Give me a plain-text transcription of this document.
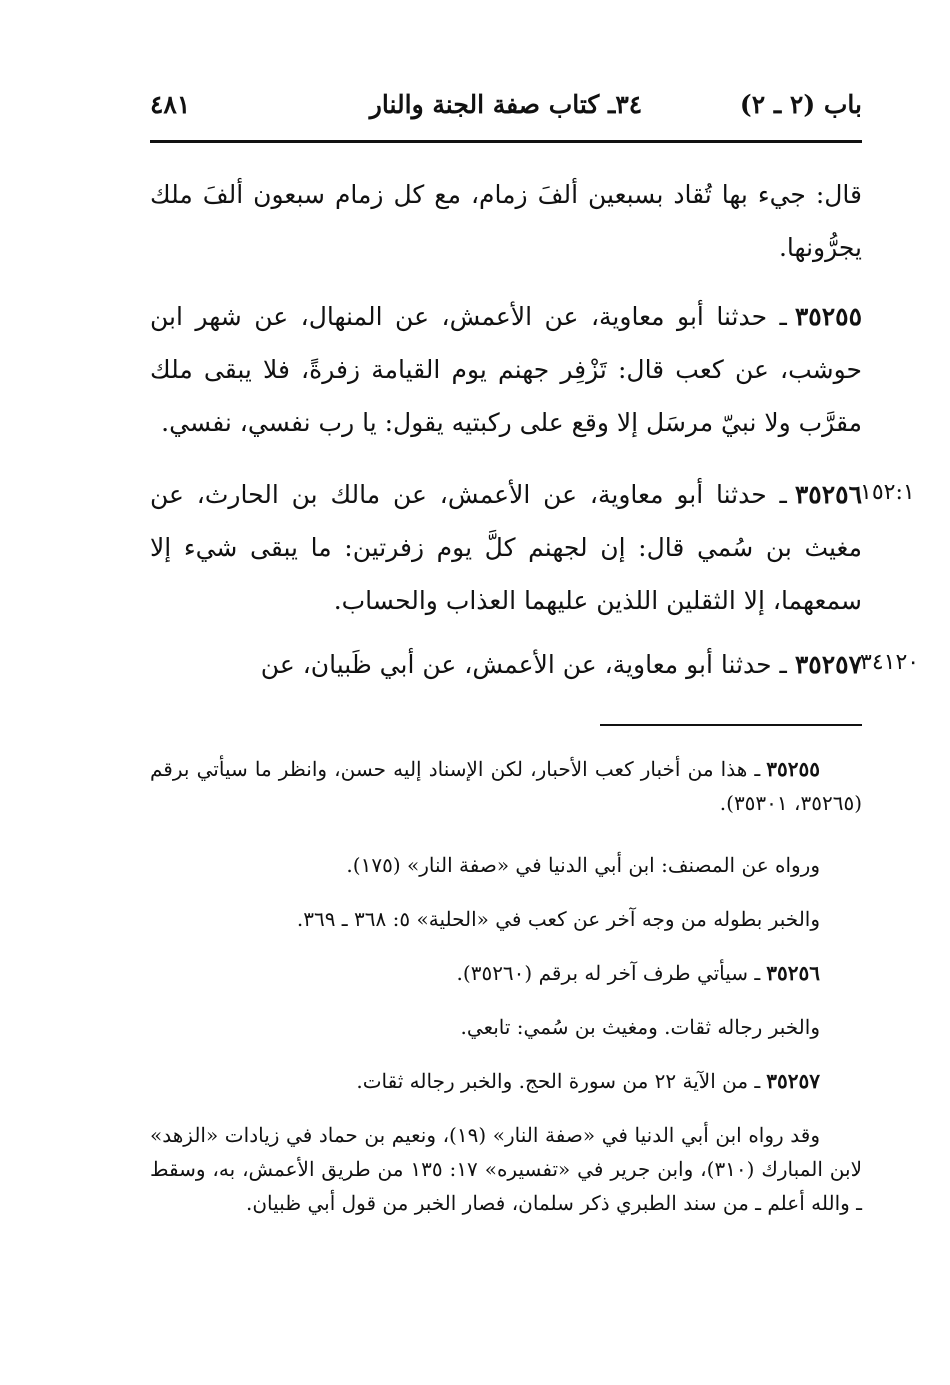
باب (٢ ـ ٢)
٣٤ـ كتاب صفة الجنة والنار
٤٨١
قال: جيء بها تُقاد بسبعين ألفَ زمام، مع كل زمام سبعون ألفَ ملك يجرُّونها.
٣٥٢٥٥ـ حدثنا أبو معاوية، عن الأعمش، عن المنهال، عن شهر ابن حوشب، عن كعب قال: تَزْفِر جهنم يوم القيامة زفرةً، فلا يبقى ملك مقرَّب ولا نبيّ مرسَل إلا وقع على ركبتيه يقول: يا رب نفسي، نفسي.
١٥٢:١
٣٥٢٥٦ـ حدثنا أبو معاوية، عن الأعمش، عن مالك بن الحارث، عن مغيث بن سُمي قال: إن لجهنم كلَّ يوم زفرتين: ما يبقى شيء إلا سمعهما، إلا الثقلين اللذين عليهما العذاب والحساب.
٣٤١٢٠
٣٥٢٥٧ـ حدثنا أبو معاوية، عن الأعمش، عن أبي ظَبيان، عن
٣٥٢٥٥ـ هذا من أخبار كعب الأحبار، لكن الإسناد إليه حسن، وانظر ما سيأتي برقم (٣٥٢٦٥، ٣٥٣٠١).
ورواه عن المصنف: ابن أبي الدنيا في «صفة النار» (١٧٥).
والخبر بطوله من وجه آخر عن كعب في «الحلية» ٥: ٣٦٨ ـ ٣٦٩.
٣٥٢٥٦ـ سيأتي طرف آخر له برقم (٣٥٢٦٠).
والخبر رجاله ثقات. ومغيث بن سُمي: تابعي.
٣٥٢٥٧ـ من الآية ٢٢ من سورة الحج. والخبر رجاله ثقات.
وقد رواه ابن أبي الدنيا في «صفة النار» (١٩)، ونعيم بن حماد في زيادات «الزهد» لابن المبارك (٣١٠)، وابن جرير في «تفسيره» ١٧: ١٣٥ من طريق الأعمش، به، وسقط ـ والله أعلم ـ من سند الطبري ذكر سلمان، فصار الخبر من قول أبي ظبيان.
